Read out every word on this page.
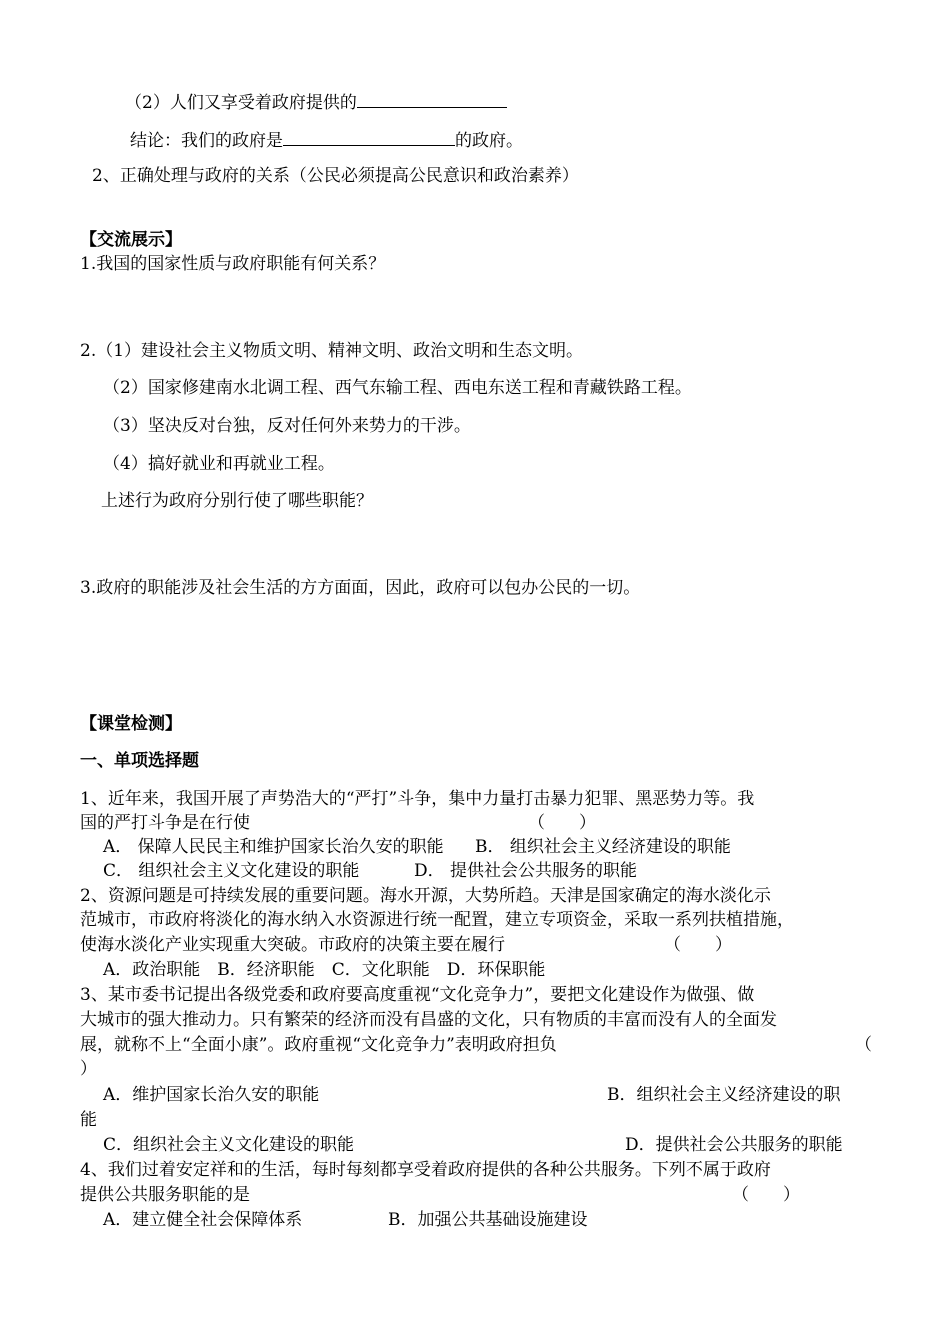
（2）人们又享受着政府提供的
结论：我们的政府是	的政府。
2、正确处理与政府的关系（公民必须提高公民意识和政治素养）
【交流展示】
1.我国的国家性质与政府职能有何关系？
2.（1）建设社会主义物质文明、精神文明、政治文明和生态文明。
（2）国家修建南水北调工程、西气东输工程、西电东送工程和青藏铁路工程。
（3）坚决反对台独，反对任何外来势力的干涉。
（4）搞好就业和再就业工程。
上述行为政府分别行使了哪些职能？
3.政府的职能涉及社会生活的方方面面，因此，政府可以包办公民的一切。
【课堂检测】
一、单项选择题
1、近年来，我国开展了声势浩大的“严打”斗争，集中力量打击暴力犯罪、黑恶势力等。我
国的严打斗争是在行使	（　　）
A． 保障人民民主和维护国家长治久安的职能 B． 组织社会主义经济建设的职能
C． 组织社会主义文化建设的职能	D． 提供社会公共服务的职能
2、资源问题是可持续发展的重要问题。海水开源，大势所趋。天津是国家确定的海水淡化示
范城市，市政府将淡化的海水纳入水资源进行统一配置，建立专项资金，采取一系列扶植措施，
使海水淡化产业实现重大突破。市政府的决策主要在履行	（　　）
A．政治职能　B．经济职能　C．文化职能　D．环保职能
3、某市委书记提出各级党委和政府要高度重视“文化竞争力”，要把文化建设作为做强、做
大城市的强大推动力。只有繁荣的经济而没有昌盛的文化，只有物质的丰富而没有人的全面发
展，就称不上“全面小康”。政府重视“文化竞争力”表明政府担负	（
）
A．维护国家长治久安的职能	B．组织社会主义经济建设的职
能
C．组织社会主义文化建设的职能	D．提供社会公共服务的职能
4、我们过着安定祥和的生活，每时每刻都享受着政府提供的各种公共服务。下列不属于政府
提供公共服务职能的是	（　　）
A．建立健全社会保障体系	B．加强公共基础设施建设
